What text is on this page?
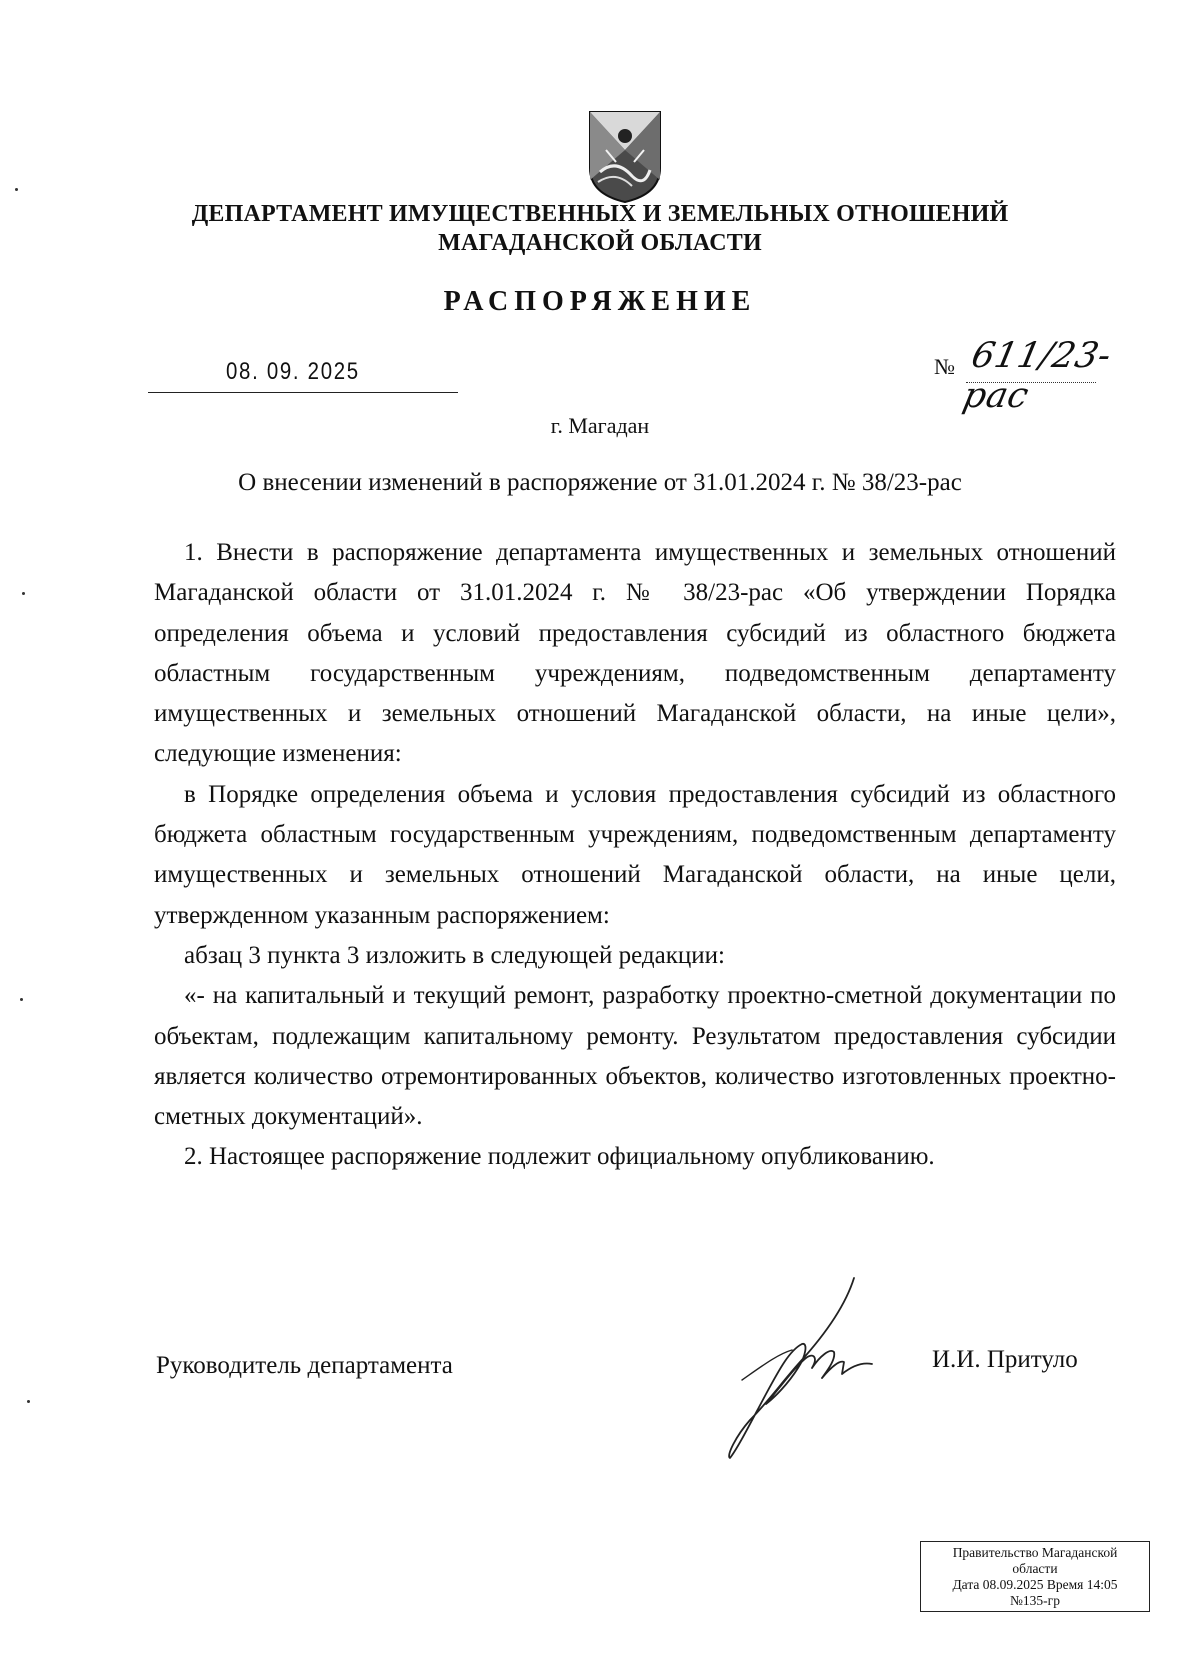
ДЕПАРТАМЕНТ ИМУЩЕСТВЕННЫХ И ЗЕМЕЛЬНЫХ ОТНОШЕНИЙ
МАГАДАНСКОЙ ОБЛАСТИ
РАСПОРЯЖЕНИЕ
08. 09. 2025	№ 611/23-рас
г. Магадан
О внесении изменений в распоряжение от 31.01.2024 г. № 38/23-рас

1. Внести в распоряжение департамента имущественных и земельных отношений Магаданской области от 31.01.2024 г. № 38/23-рас «Об утверждении Порядка определения объема и условий предоставления субсидий из областного бюджета областным государственным учреждениям, подведомственным департаменту имущественных и земельных отношений Магаданской области, на иные цели», следующие изменения:

в Порядке определения объема и условия предоставления субсидий из областного бюджета областным государственным учреждениям, подведомственным департаменту имущественных и земельных отношений Магаданской области, на иные цели, утвержденном указанным распоряжением:

абзац 3 пункта 3 изложить в следующей редакции:

«- на капитальный и текущий ремонт, разработку проектно-сметной документации по объектам, подлежащим капитальному ремонту. Результатом предоставления субсидии является количество отремонтированных объектов, количество изготовленных проектно-сметных документаций».

2. Настоящее распоряжение подлежит официальному опубликованию.

Руководитель департамента	И.И. Притуло
Правительство Магаданской
области
Дата 08.09.2025 Время 14:05
№135-гр
